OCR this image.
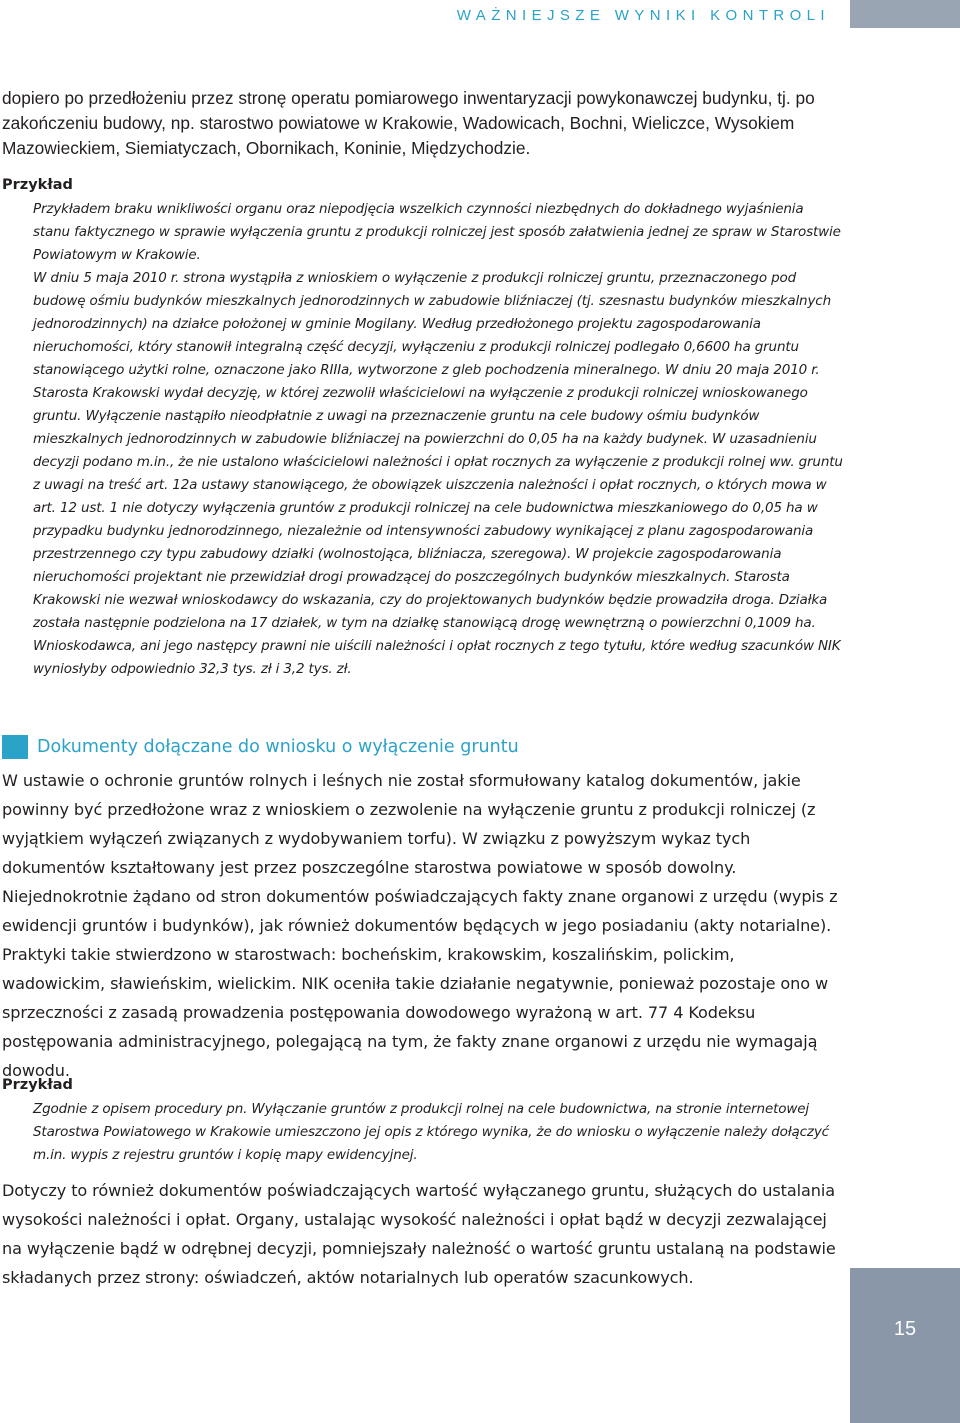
WAŻNIEJSZE WYNIKI KONTROLI

dopiero po przedłożeniu przez stronę operatu pomiarowego inwentaryzacji powykonawczej budynku, tj. po zakończeniu budowy, np. starostwo powiatowe w Krakowie, Wadowicach, Bochni, Wieliczce, Wysokiem Mazowieckiem, Siemiatyczach, Obornikach, Koninie, Międzychodzie.

Przykład

Przykładem braku wnikliwości organu oraz niepodjęcia wszelkich czynności niezbędnych do dokładnego wyjaśnienia stanu faktycznego w sprawie wyłączenia gruntu z produkcji rolniczej jest sposób załatwienia jednej ze spraw w Starostwie Powiatowym w Krakowie.

W dniu 5 maja 2010 r. strona wystąpiła z wnioskiem o wyłączenie z produkcji rolniczej gruntu, przeznaczonego pod budowę ośmiu budynków mieszkalnych jednorodzinnych w zabudowie bliźniaczej (tj. szesnastu budynków mieszkalnych jednorodzinnych) na działce położonej w gminie Mogilany. Według przedłożonego projektu zagospodarowania nieruchomości, który stanowił integralną część decyzji, wyłączeniu z produkcji rolniczej podlegało 0,6600 ha gruntu stanowiącego użytki rolne, oznaczone jako RIIIa, wytworzone z gleb pochodzenia mineralnego. W dniu 20 maja 2010 r. Starosta Krakowski wydał decyzję, w której zezwolił właścicielowi na wyłączenie z produkcji rolniczej wnioskowanego gruntu. Wyłączenie nastąpiło nieodpłatnie z uwagi na przeznaczenie gruntu na cele budowy ośmiu budynków mieszkalnych jednorodzinnych w zabudowie bliźniaczej na powierzchni do 0,05 ha na każdy budynek. W uzasadnieniu decyzji podano m.in., że nie ustalono właścicielowi należności i opłat rocznych za wyłączenie z produkcji rolnej ww. gruntu z uwagi na treść art. 12a ustawy stanowiącego, że obowiązek uiszczenia należności i opłat rocznych, o których mowa w art. 12 ust. 1 nie dotyczy wyłączenia gruntów z produkcji rolniczej na cele budownictwa mieszkaniowego do 0,05 ha w przypadku budynku jednorodzinnego, niezależnie od intensywności zabudowy wynikającej z planu zagospodarowania przestrzennego czy typu zabudowy działki (wolnostojąca, bliźniacza, szeregowa). W projekcie zagospodarowania nieruchomości projektant nie przewidział drogi prowadzącej do poszczególnych budynków mieszkalnych. Starosta Krakowski nie wezwał wnioskodawcy do wskazania, czy do projektowanych budynków będzie prowadziła droga. Działka została następnie podzielona na 17 działek, w tym na działkę stanowiącą drogę wewnętrzną o powierzchni 0,1009 ha. Wnioskodawca, ani jego następcy prawni nie uiścili należności i opłat rocznych z tego tytułu, które według szacunków NIK wyniosłyby odpowiednio 32,3 tys. zł i 3,2 tys. zł.

Dokumenty dołączane do wniosku o wyłączenie gruntu

W ustawie o ochronie gruntów rolnych i leśnych nie został sformułowany katalog dokumentów, jakie powinny być przedłożone wraz z wnioskiem o zezwolenie na wyłączenie gruntu z produkcji rolniczej (z wyjątkiem wyłączeń związanych z wydobywaniem torfu). W związku z powyższym wykaz tych dokumentów kształtowany jest przez poszczególne starostwa powiatowe w sposób dowolny. Niejednokrotnie żądano od stron dokumentów poświadczających fakty znane organowi z urzędu (wypis z ewidencji gruntów i budynków), jak również dokumentów będących w jego posiadaniu (akty notarialne). Praktyki takie stwierdzono w starostwach: bocheńskim, krakowskim, koszalińskim, polickim, wadowickim, sławieńskim, wielickim. NIK oceniła takie działanie negatywnie, ponieważ pozostaje ono w sprzeczności z zasadą prowadzenia postępowania dowodowego wyrażoną w art. 77 4 Kodeksu postępowania administracyjnego, polegającą na tym, że fakty znane organowi z urzędu nie wymagają dowodu.

Przykład

Zgodnie z opisem procedury pn. Wyłączanie gruntów z produkcji rolnej na cele budownictwa, na stronie internetowej Starostwa Powiatowego w Krakowie umieszczono jej opis z którego wynika, że do wniosku o wyłączenie należy dołączyć m.in. wypis z rejestru gruntów i kopię mapy ewidencyjnej.

Dotyczy to również dokumentów poświadczających wartość wyłączanego gruntu, służących do ustalania wysokości należności i opłat. Organy, ustalając wysokość należności i opłat bądź w decyzji zezwalającej na wyłączenie bądź w odrębnej decyzji, pomniejszały należność o wartość gruntu ustalaną na podstawie składanych przez strony: oświadczeń, aktów notarialnych lub operatów szacunkowych.

15
